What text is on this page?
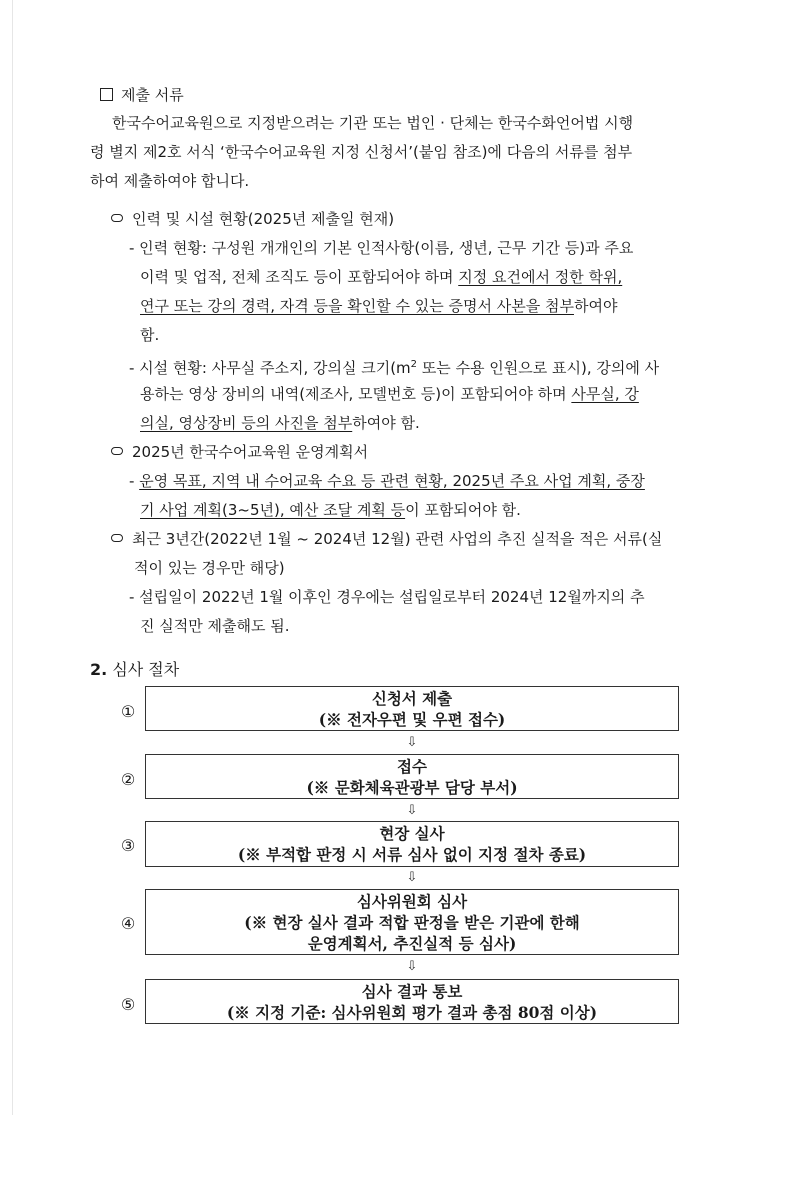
제출 서류
한국수어교육원으로 지정받으려는 기관 또는 법인 · 단체는 한국수화언어법 시행
령 별지 제2호 서식 ‘한국수어교육원 지정 신청서’(붙임 참조)에 다음의 서류를 첨부
하여 제출하여야 합니다.
인력 및 시설 현황(2025년 제출일 현재)
- 인력 현황: 구성원 개개인의 기본 인적사항(이름, 생년, 근무 기간 등)과 주요
이력 및 업적, 전체 조직도 등이 포함되어야 하며 지정 요건에서 정한 학위,
연구 또는 강의 경력, 자격 등을 확인할 수 있는 증명서 사본을 첨부하여야
함.
- 시설 현황: 사무실 주소지, 강의실 크기($m^2$ 또는 수용 인원으로 표시), 강의에 사
용하는 영상 장비의 내역(제조사, 모델번호 등)이 포함되어야 하며 사무실, 강
의실, 영상장비 등의 사진을 첨부하여야 함.
2025년 한국수어교육원 운영계획서
- 운영 목표, 지역 내 수어교육 수요 등 관련 현황, 2025년 주요 사업 계획, 중장
기 사업 계획(3~5년), 예산 조달 계획 등이 포함되어야 함.
최근 3년간(2022년 1월 ~ 2024년 12월) 관련 사업의 추진 실적을 적은 서류(실
적이 있는 경우만 해당)
- 설립일이 2022년 1월 이후인 경우에는 설립일로부터 2024년 12월까지의 추
진 실적만 제출해도 됨.
2. 심사 절차
①
신청서 제출
(※ 전자우편 및 우편 접수)
⇩
②
접수
(※ 문화체육관광부 담당 부서)
⇩
③
현장 실사
(※ 부적합 판정 시 서류 심사 없이 지정 절차 종료)
⇩
④
심사위원회 심사
(※ 현장 실사 결과 적합 판정을 받은 기관에 한해
운영계획서, 추진실적 등 심사)
⇩
⑤
심사 결과 통보
(※ 지정 기준: 심사위원회 평가 결과 총점 80점 이상)
